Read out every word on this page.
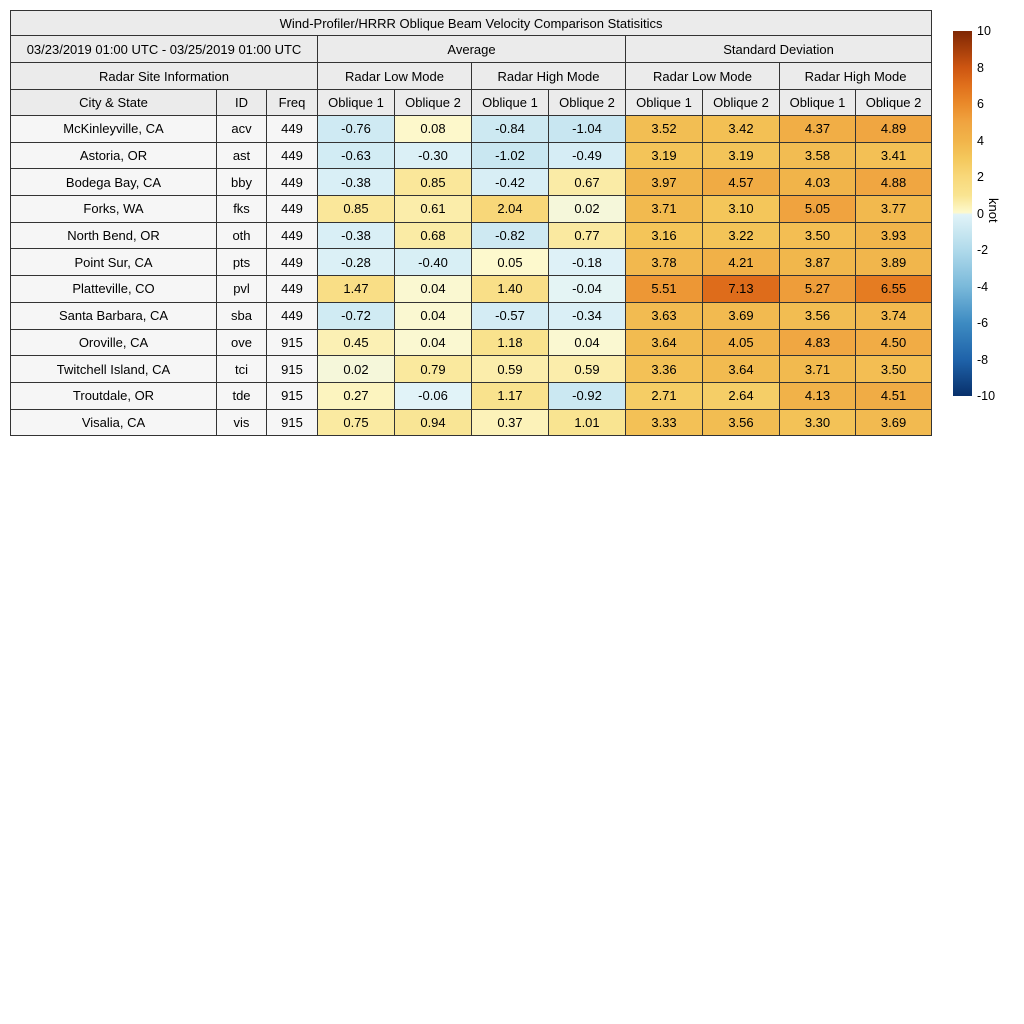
Wind-Profiler/HRRR Oblique Beam Velocity Comparison Statisitics										
03/23/2019 01:00 UTC - 03/25/2019 01:00 UTC			Average				Standard Deviation			
Radar Site Information			Radar Low Mode		Radar High Mode		Radar Low Mode		Radar High Mode	
City & State	ID	Freq	Oblique 1	Oblique 2	Oblique 1	Oblique 2	Oblique 1	Oblique 2	Oblique 1	Oblique 2
McKinleyville, CA	acv	449	-0.76	0.08	-0.84	-1.04	3.52	3.42	4.37	4.89
Astoria, OR	ast	449	-0.63	-0.30	-1.02	-0.49	3.19	3.19	3.58	3.41
Bodega Bay, CA	bby	449	-0.38	0.85	-0.42	0.67	3.97	4.57	4.03	4.88
Forks, WA	fks	449	0.85	0.61	2.04	0.02	3.71	3.10	5.05	3.77
North Bend, OR	oth	449	-0.38	0.68	-0.82	0.77	3.16	3.22	3.50	3.93
Point Sur, CA	pts	449	-0.28	-0.40	0.05	-0.18	3.78	4.21	3.87	3.89
Platteville, CO	pvl	449	1.47	0.04	1.40	-0.04	5.51	7.13	5.27	6.55
Santa Barbara, CA	sba	449	-0.72	0.04	-0.57	-0.34	3.63	3.69	3.56	3.74
Oroville, CA	ove	915	0.45	0.04	1.18	0.04	3.64	4.05	4.83	4.50
Twitchell Island, CA	tci	915	0.02	0.79	0.59	0.59	3.36	3.64	3.71	3.50
Troutdale, OR	tde	915	0.27	-0.06	1.17	-0.92	2.71	2.64	4.13	4.51
Visalia, CA	vis	915	0.75	0.94	0.37	1.01	3.33	3.56	3.30	3.69
10
8
6
4
2
0
-2
-4
-6
-8
-10
knot
